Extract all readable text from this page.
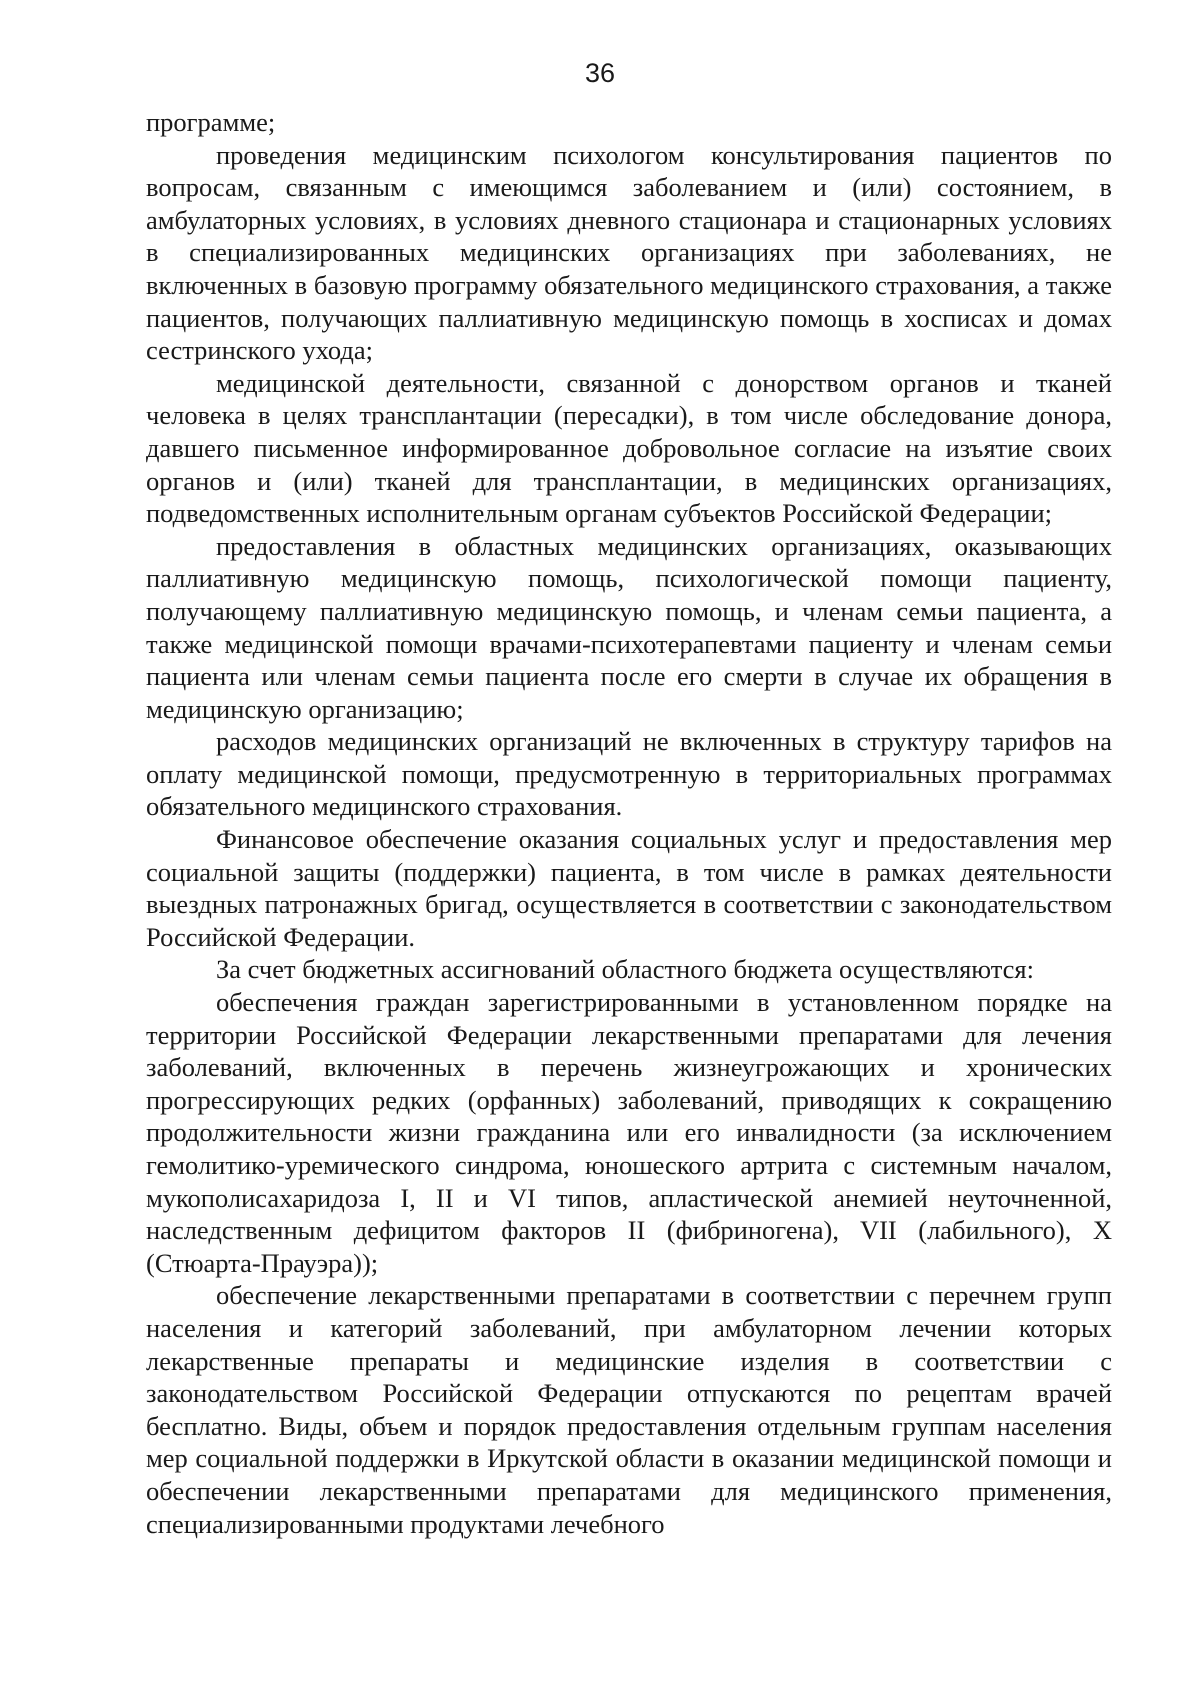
36

программе;

проведения медицинским психологом консультирования пациентов по вопросам, связанным с имеющимся заболеванием и (или) состоянием, в амбулаторных условиях, в условиях дневного стационара и стационарных условиях в специализированных медицинских организациях при заболеваниях, не включенных в базовую программу обязательного медицинского страхования, а также пациентов, получающих паллиативную медицинскую помощь в хосписах и домах сестринского ухода;

медицинской деятельности, связанной с донорством органов и тканей человека в целях трансплантации (пересадки), в том числе обследование донора, давшего письменное информированное добровольное согласие на изъятие своих органов и (или) тканей для трансплантации, в медицинских организациях, подведомственных исполнительным органам субъектов Российской Федерации;

предоставления в областных медицинских организациях, оказывающих паллиативную медицинскую помощь, психологической помощи пациенту, получающему паллиативную медицинскую помощь, и членам семьи пациента, а также медицинской помощи врачами-психотерапевтами пациенту и членам семьи пациента или членам семьи пациента после его смерти в случае их обращения в медицинскую организацию;

расходов медицинских организаций не включенных в структуру тарифов на оплату медицинской помощи, предусмотренную в территориальных программах обязательного медицинского страхования.

Финансовое обеспечение оказания социальных услуг и предоставления мер социальной защиты (поддержки) пациента, в том числе в рамках деятельности выездных патронажных бригад, осуществляется в соответствии с законодательством Российской Федерации.

За счет бюджетных ассигнований областного бюджета осуществляются:

обеспечения граждан зарегистрированными в установленном порядке на территории Российской Федерации лекарственными препаратами для лечения заболеваний, включенных в перечень жизнеугрожающих и хронических прогрессирующих редких (орфанных) заболеваний, приводящих к сокращению продолжительности жизни гражданина или его инвалидности (за исключением гемолитико-уремического синдрома, юношеского артрита с системным началом, мукополисахаридоза I, II и VI типов, апластической анемией неуточненной, наследственным дефицитом факторов II (фибриногена), VII (лабильного), X (Стюарта-Прауэра));

обеспечение лекарственными препаратами в соответствии с перечнем групп населения и категорий заболеваний, при амбулаторном лечении которых лекарственные препараты и медицинские изделия в соответствии с законодательством Российской Федерации отпускаются по рецептам врачей бесплатно. Виды, объем и порядок предоставления отдельным группам населения мер социальной поддержки в Иркутской области в оказании медицинской помощи и обеспечении лекарственными препаратами для медицинского применения, специализированными продуктами лечебного
